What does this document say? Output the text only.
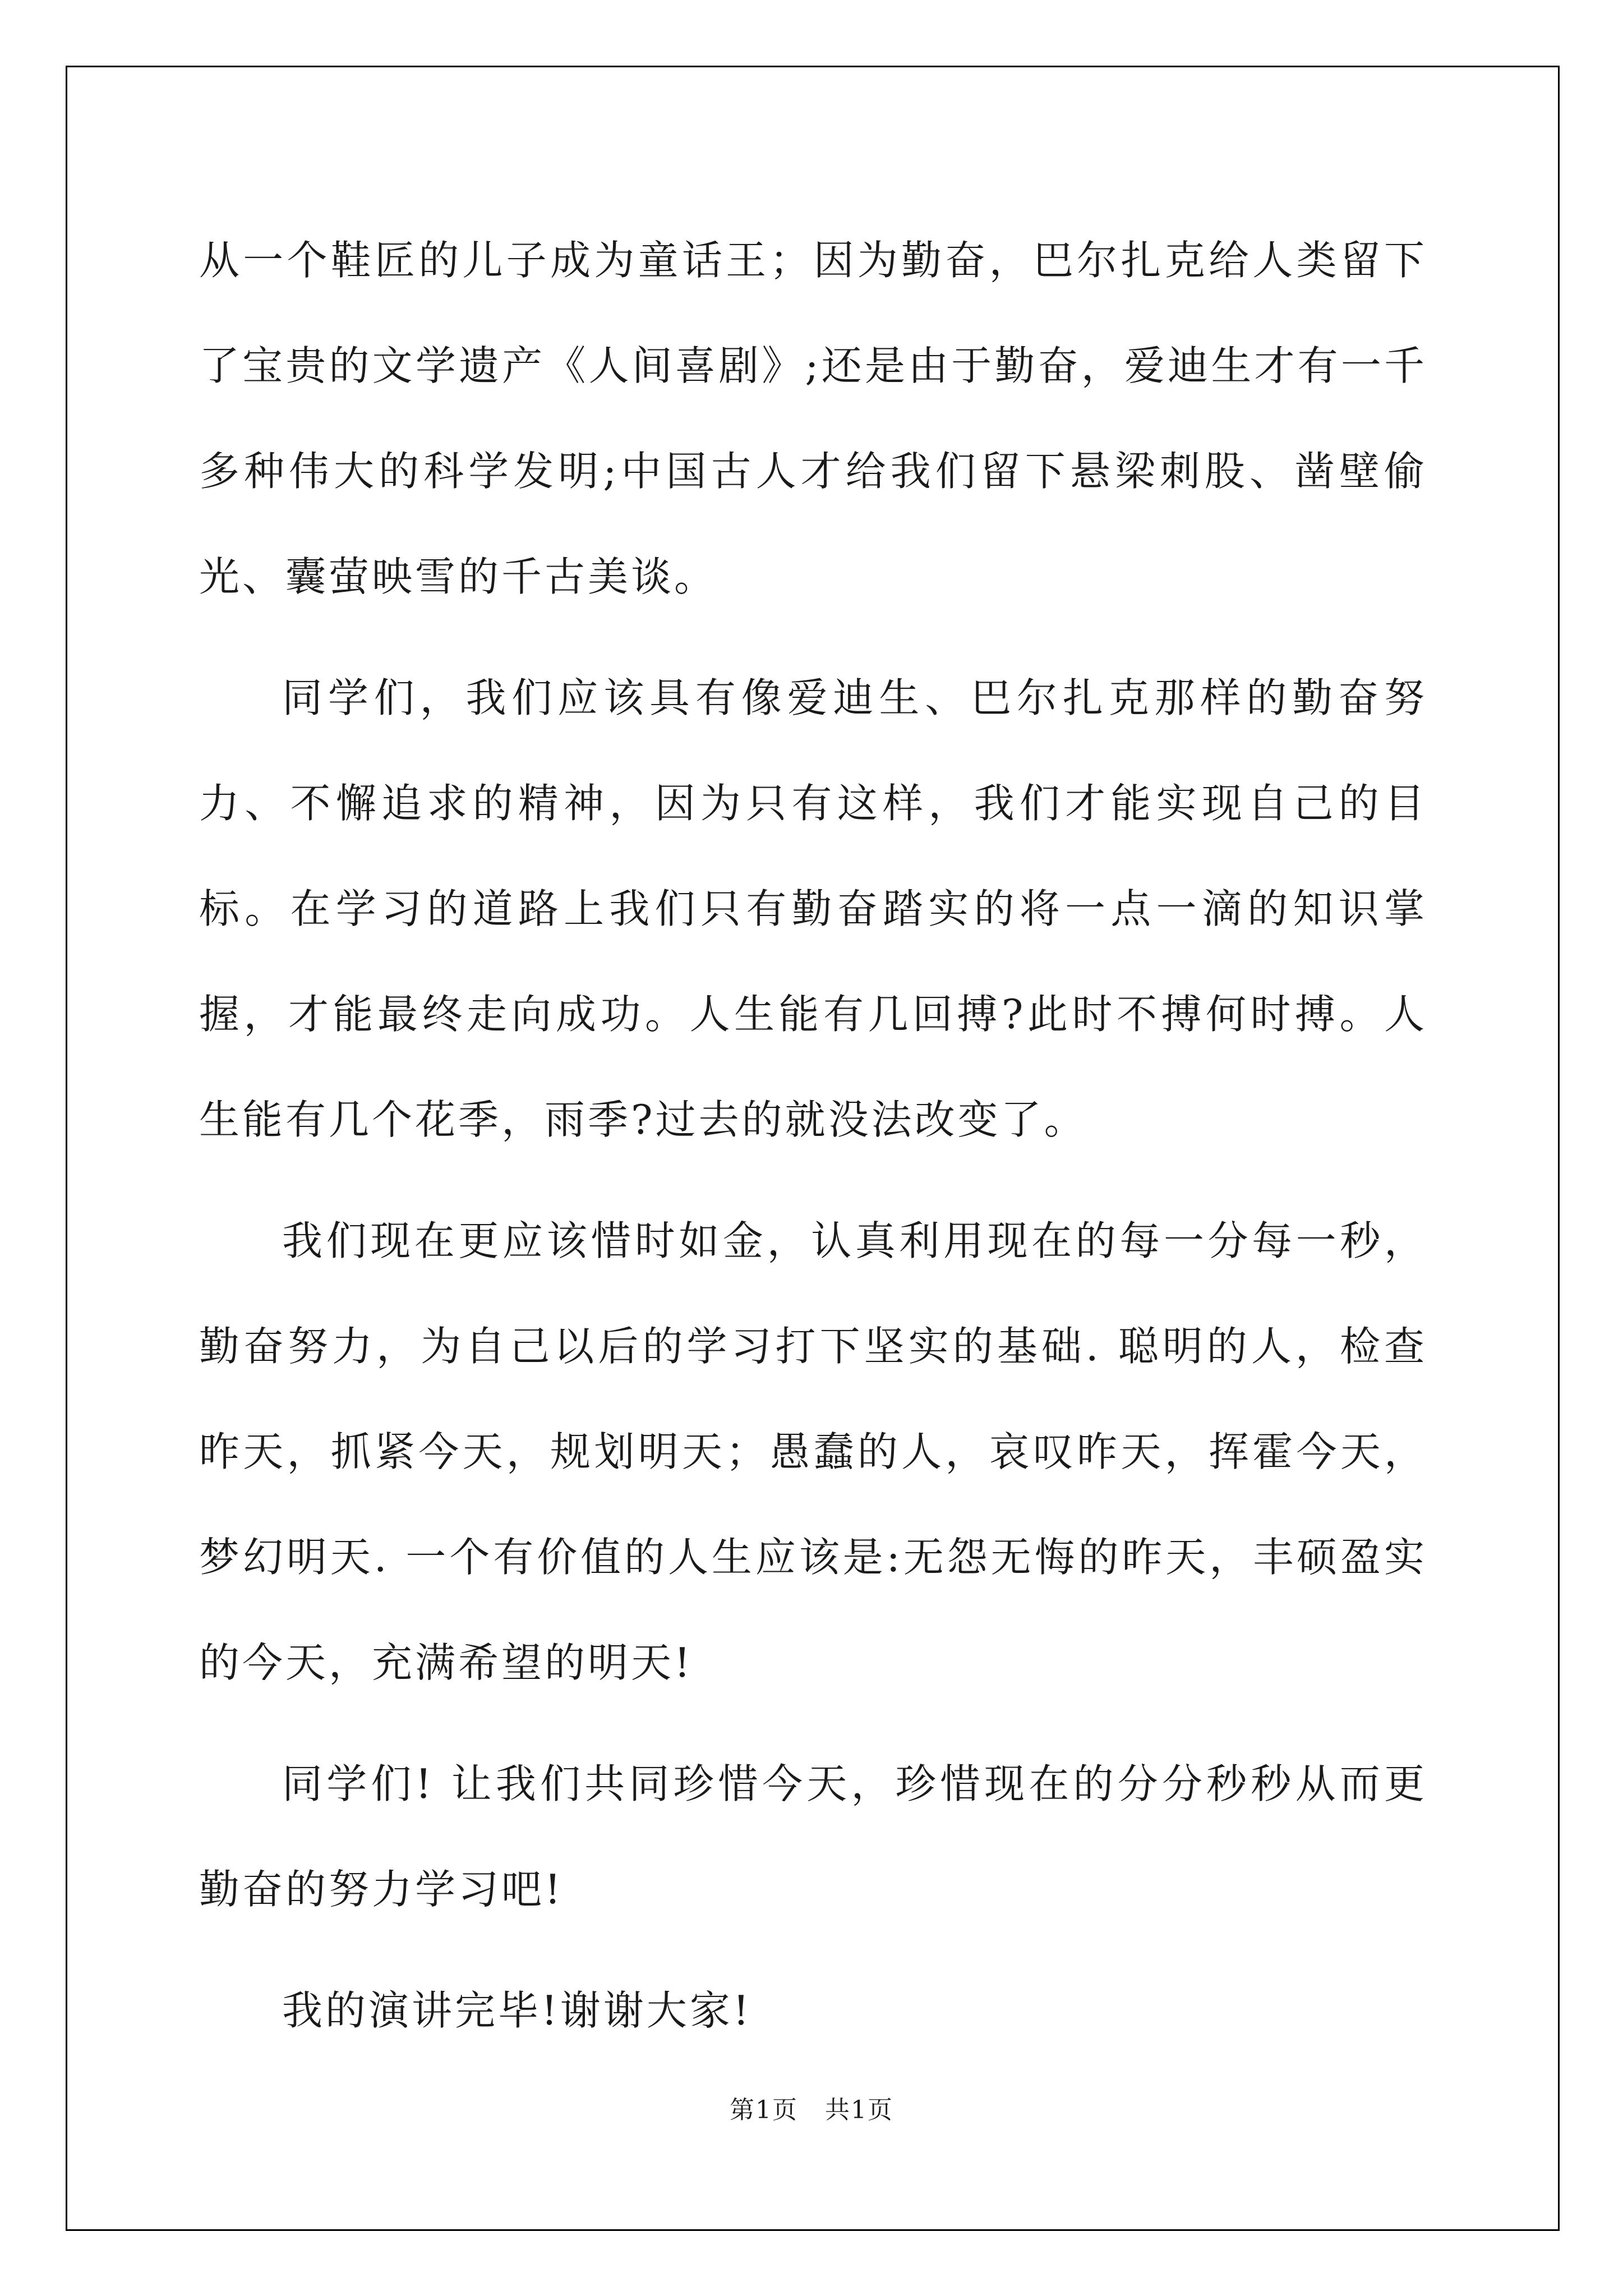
从一个鞋匠的儿子成为童话王；因为勤奋，巴尔扎克给人类留下了宝贵的文学遗产《人间喜剧》;还是由于勤奋，爱迪生才有一千多种伟大的科学发明;中国古人才给我们留下悬梁刺股、凿壁偷光、囊萤映雪的千古美谈。

同学们，我们应该具有像爱迪生、巴尔扎克那样的勤奋努力、不懈追求的精神，因为只有这样，我们才能实现自己的目标。在学习的道路上我们只有勤奋踏实的将一点一滴的知识掌握，才能最终走向成功。人生能有几回搏?此时不搏何时搏。人生能有几个花季，雨季?过去的就没法改变了。

我们现在更应该惜时如金，认真利用现在的每一分每一秒，勤奋努力，为自己以后的学习打下坚实的基础. 聪明的人，检查昨天，抓紧今天，规划明天；愚蠢的人，哀叹昨天，挥霍今天，梦幻明天. 一个有价值的人生应该是:无怨无悔的昨天，丰硕盈实的今天，充满希望的明天!

同学们! 让我们共同珍惜今天，珍惜现在的分分秒秒从而更勤奋的努力学习吧!

我的演讲完毕!谢谢大家!

第1页 共1页
